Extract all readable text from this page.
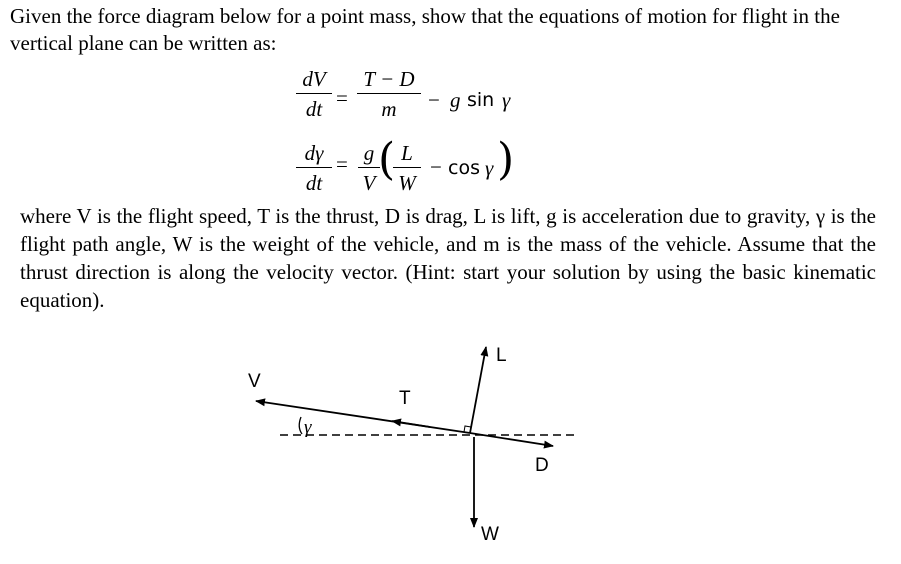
Given the force diagram below for a point mass, show that the equations of motion for flight in the vertical plane can be written as:

dV
dt =
T − D
m	− g sin γ
dγ
dt
= g
V ( L
W
− cos γ )

where V is the flight speed, T is the thrust, D is drag, L is lift, g is acceleration due to gravity, γ is the flight path angle, W is the weight of the vehicle, and m is the mass of the vehicle. Assume that the thrust direction is along the velocity vector. (Hint: start your solution by using the basic kinematic equation).

V
T
L
D
W
γ
